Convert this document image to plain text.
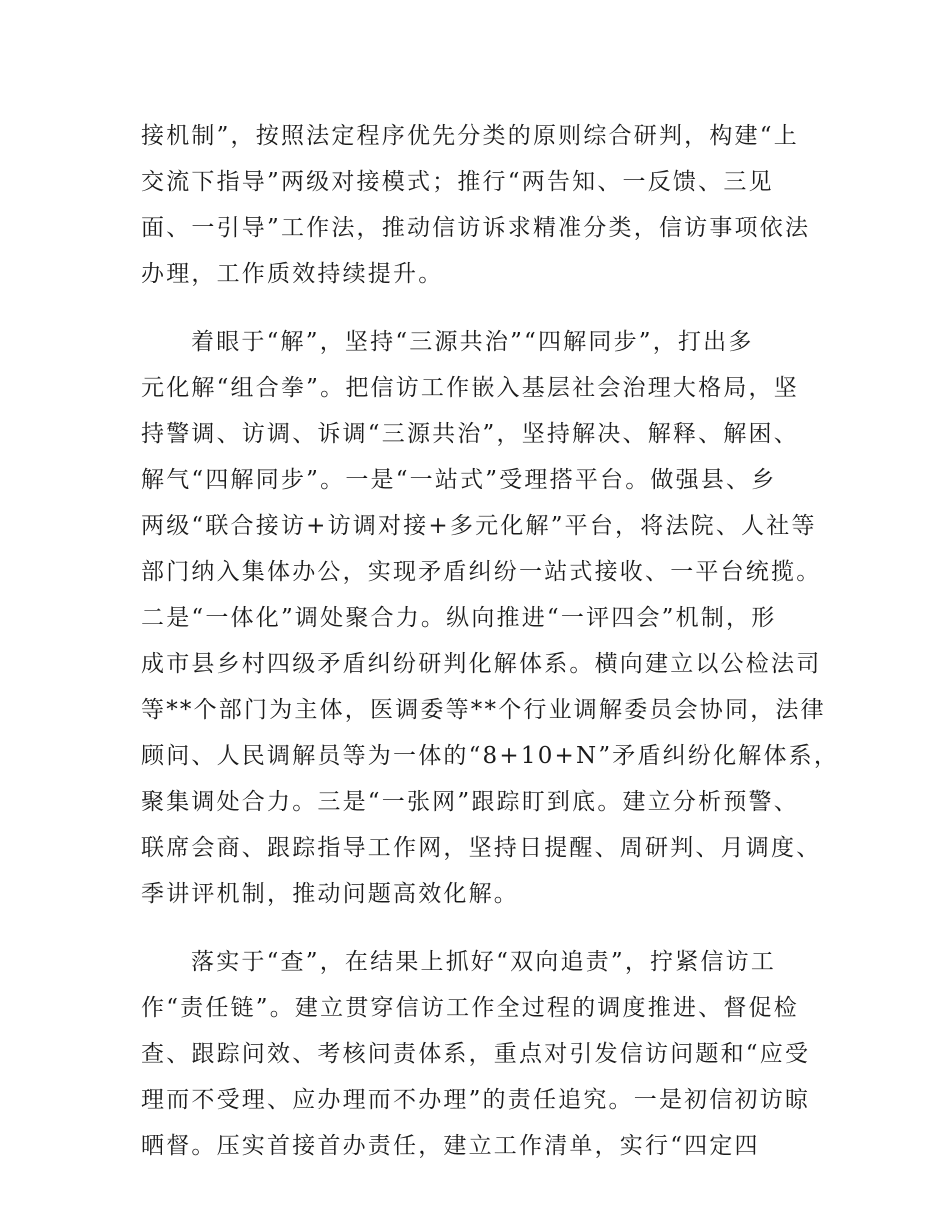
接机制”，按照法定程序优先分类的原则综合研判，构建“上
交流下指导”两级对接模式；推行“两告知、一反馈、三见
面、一引导”工作法，推动信访诉求精准分类，信访事项依法
办理，工作质效持续提升。
着眼于“解”，坚持“三源共治”“四解同步”，打出多
元化解“组合拳”。把信访工作嵌入基层社会治理大格局，坚
持警调、访调、诉调“三源共治”，坚持解决、解释、解困、
解气“四解同步”。一是“一站式”受理搭平台。做强县、乡
两级“联合接访+访调对接+多元化解”平台，将法院、人社等
部门纳入集体办公，实现矛盾纠纷一站式接收、一平台统揽。
二是“一体化”调处聚合力。纵向推进“一评四会”机制，形
成市县乡村四级矛盾纠纷研判化解体系。横向建立以公检法司
等**个部门为主体，医调委等**个行业调解委员会协同，法律
顾问、人民调解员等为一体的“8+10+N”矛盾纠纷化解体系，
聚集调处合力。三是“一张网”跟踪盯到底。建立分析预警、
联席会商、跟踪指导工作网，坚持日提醒、周研判、月调度、
季讲评机制，推动问题高效化解。
落实于“查”，在结果上抓好“双向追责”，拧紧信访工
作“责任链”。建立贯穿信访工作全过程的调度推进、督促检
查、跟踪问效、考核问责体系，重点对引发信访问题和“应受
理而不受理、应办理而不办理”的责任追究。一是初信初访晾
晒督。压实首接首办责任，建立工作清单，实行“四定四
